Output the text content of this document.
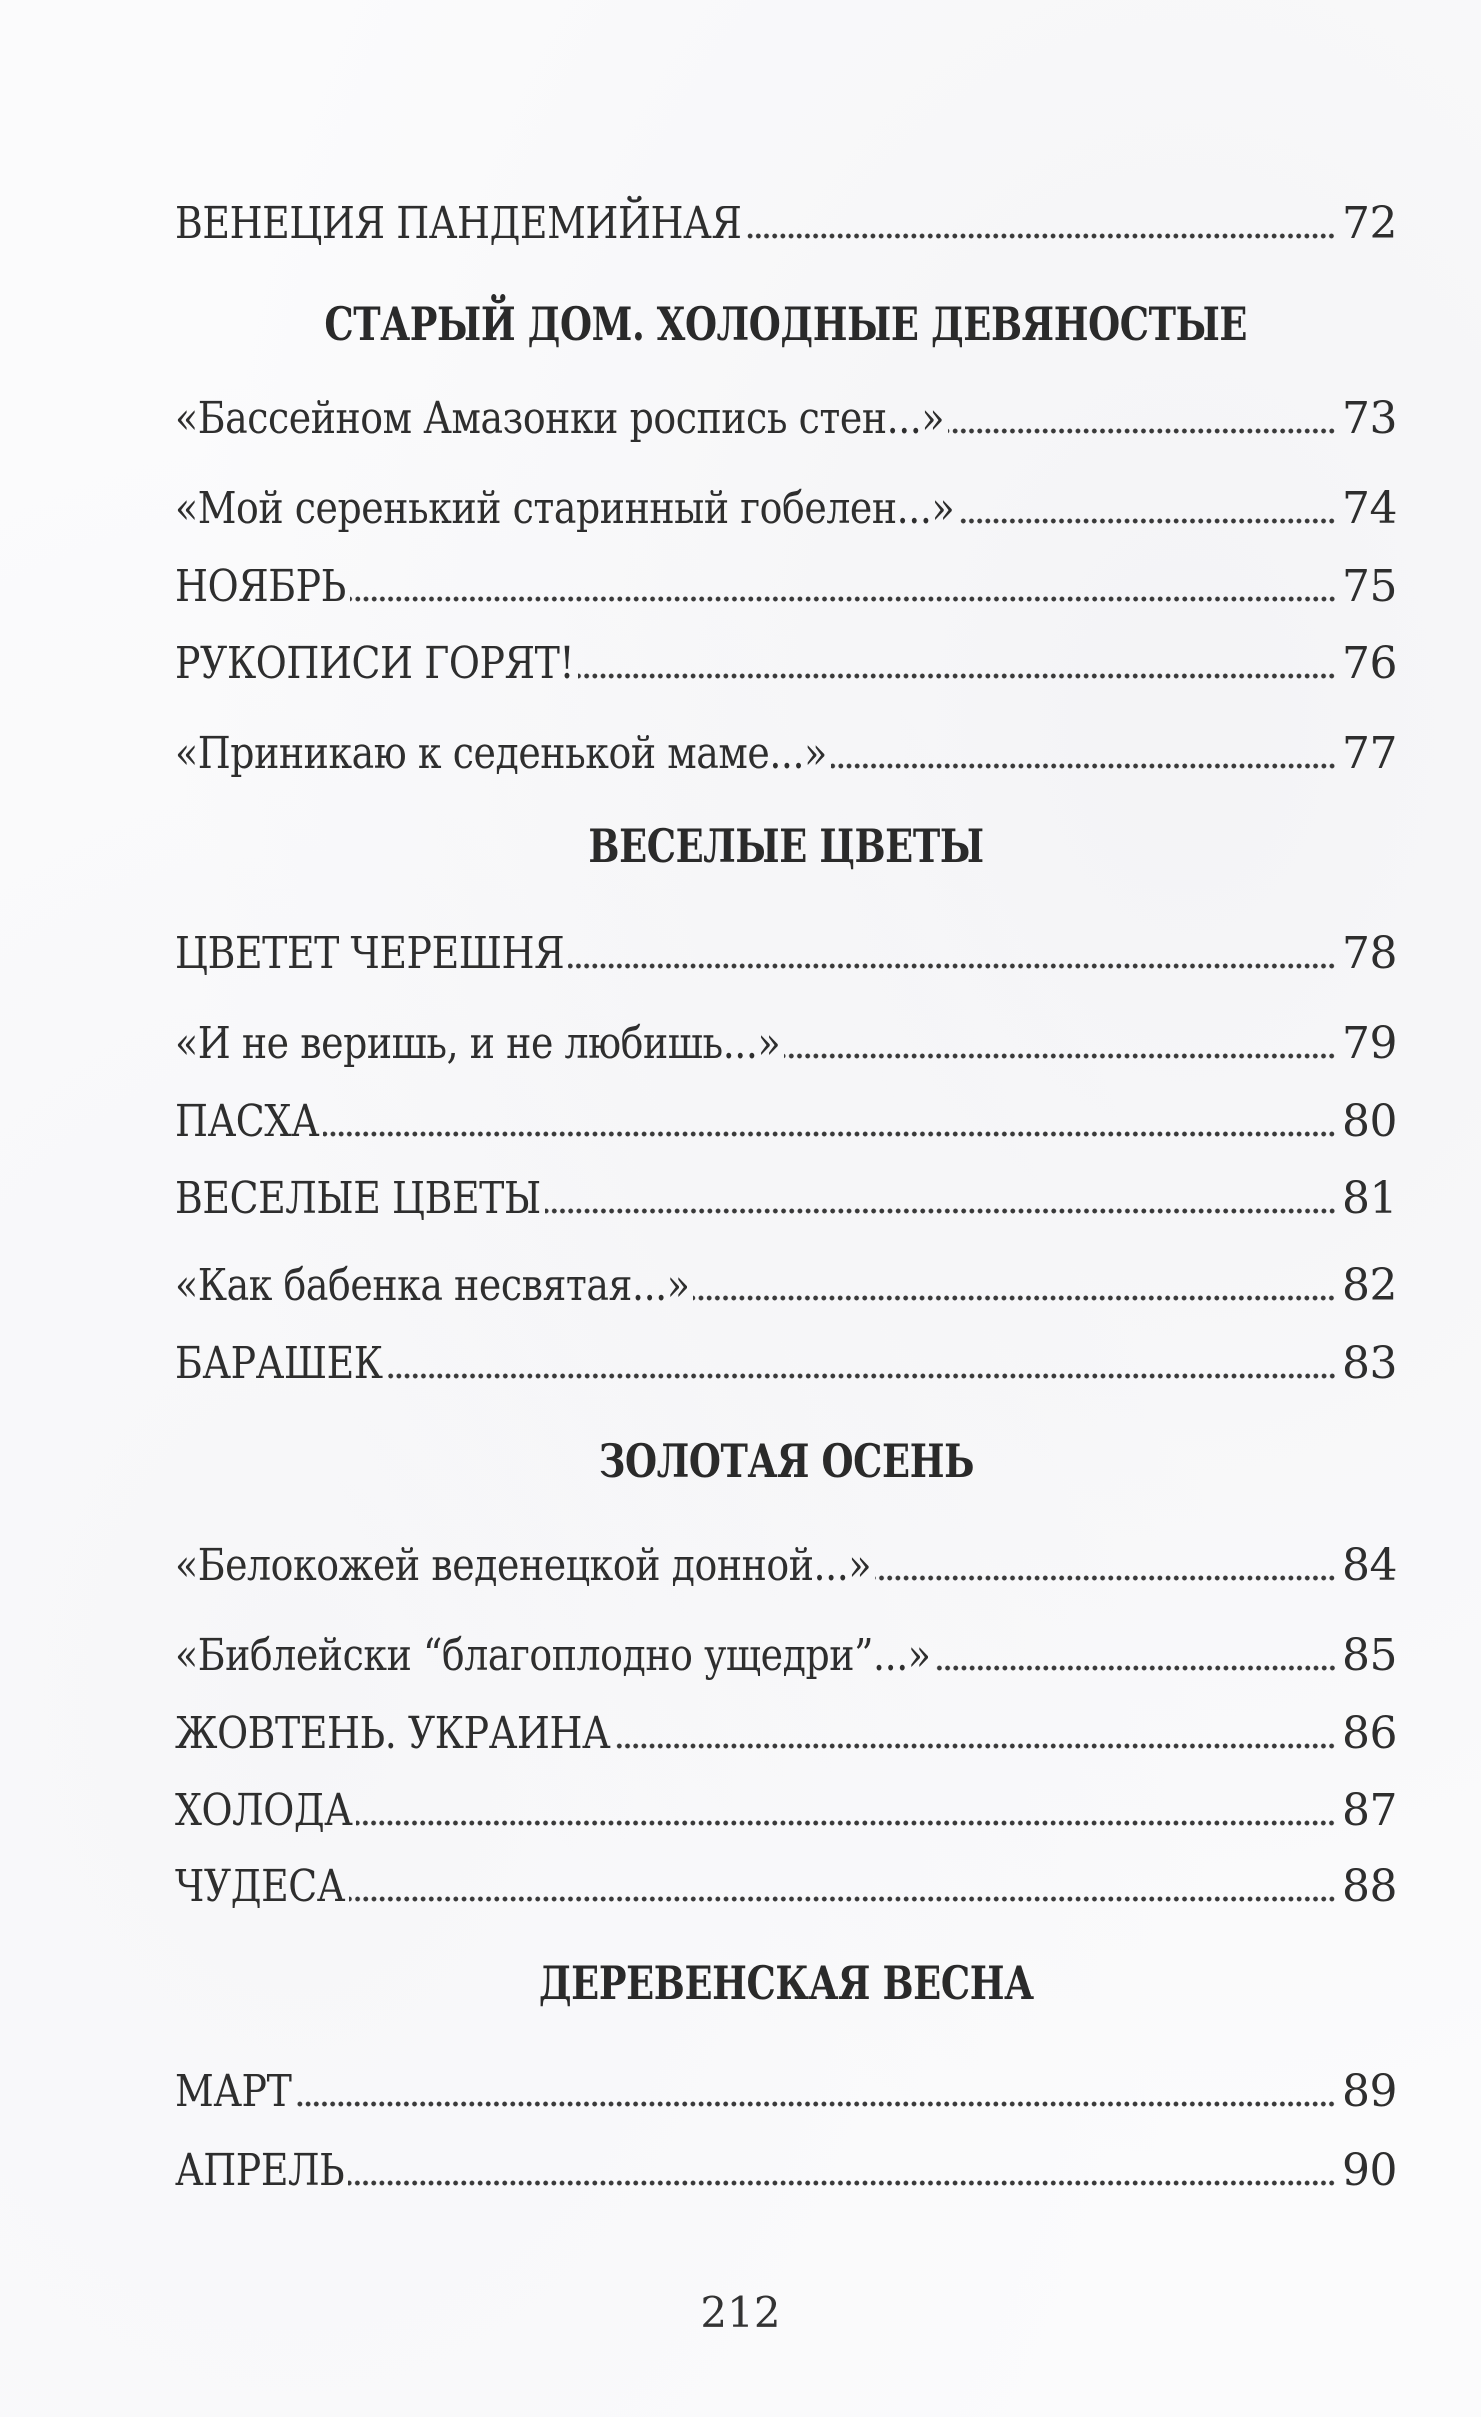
ВЕНЕЦИЯ ПАНДЕМИЙНАЯ	72
СТАРЫЙ ДОМ. ХОЛОДНЫЕ ДЕВЯНОСТЫЕ
«Бассейном Амазонки роспись стен...»	73
«Мой серенький старинный гобелен...»	74
НОЯБРЬ	75
РУКОПИСИ ГОРЯТ!	76
«Приникаю к седенькой маме...»	77
ВЕСЕЛЫЕ ЦВЕТЫ
ЦВЕТЕТ ЧЕРЕШНЯ	78
«И не веришь, и не любишь...»	79
ПАСХА	80
ВЕСЕЛЫЕ ЦВЕТЫ	81
«Как бабенка несвятая...»	82
БАРАШЕК	83
ЗОЛОТАЯ ОСЕНЬ
«Белокожей веденецкой донной...»	84
«Библейски “благоплодно ущедри”...»	85
ЖОВТЕНЬ. УКРАИНА	86
ХОЛОДА	87
ЧУДЕСА	88
ДЕРЕВЕНСКАЯ ВЕСНА
МАРТ	89
АПРЕЛЬ	90
212
